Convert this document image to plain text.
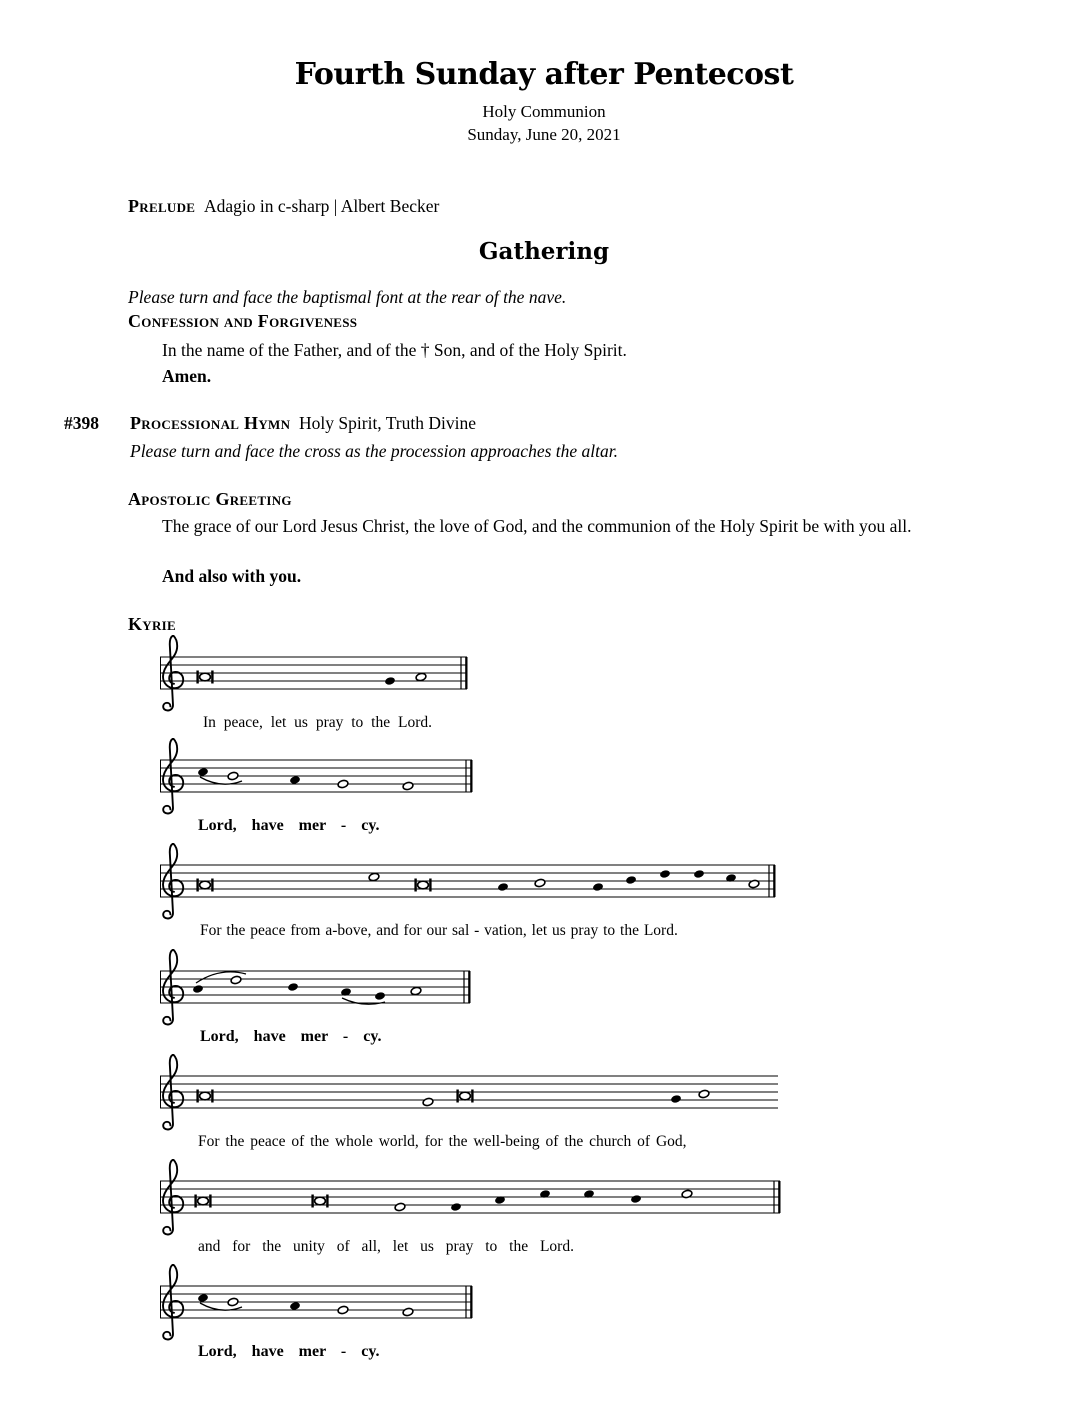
Fourth Sunday after Pentecost
Holy Communion
Sunday, June 20, 2021
Prelude Adagio in c-sharp | Albert Becker
Gathering
Please turn and face the baptismal font at the rear of the nave.
Confession and Forgiveness
In the name of the Father, and of the † Son, and of the Holy Spirit.
Amen.
#398 Processional Hymn Holy Spirit, Truth Divine
Please turn and face the cross as the procession approaches the altar.
Apostolic Greeting
The grace of our Lord Jesus Christ, the love of God, and the communion of the Holy Spirit be with you all.
And also with you.
Kyrie
In peace, let us pray to the Lord.
Lord, have mer - cy.
For the peace from a-bove, and for our sal - vation, let us pray to the Lord.
Lord, have mer - cy.
For the peace of the whole world, for the well-being of the church of God,
and for the unity of all, let us pray to the Lord.
Lord, have mer - cy.
